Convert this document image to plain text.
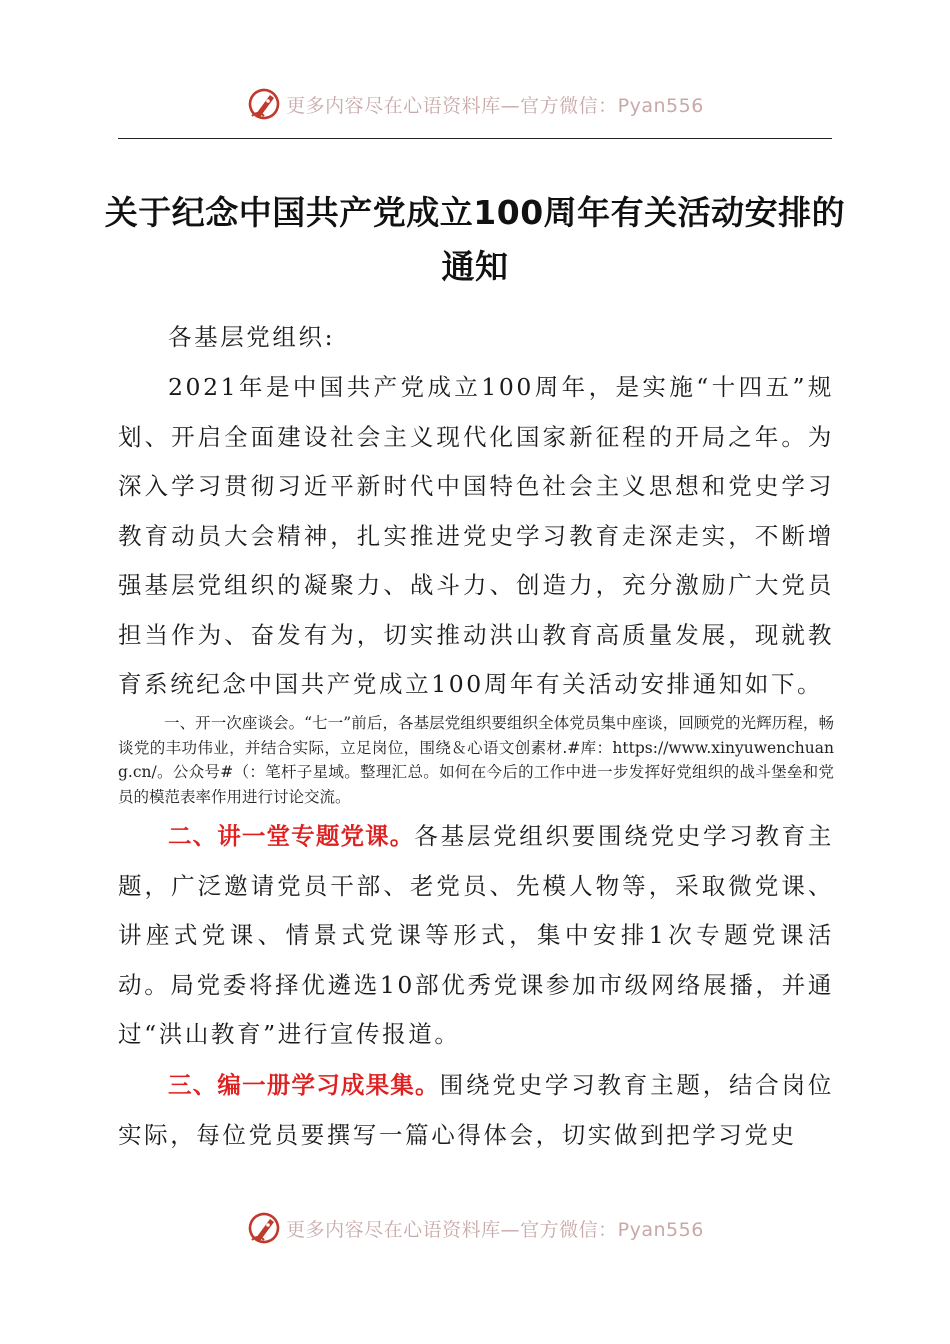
更多内容尽在心语资料库—官方微信：Pyan556
关于纪念中国共产党成立100周年有关活动安排的通知

各基层党组织:

2021年是中国共产党成立100周年，是实施“十四五”规划、开启全面建设社会主义现代化国家新征程的开局之年。为深入学习贯彻习近平新时代中国特色社会主义思想和党史学习教育动员大会精神，扎实推进党史学习教育走深走实，不断增强基层党组织的凝聚力、战斗力、创造力，充分激励广大党员担当作为、奋发有为，切实推动洪山教育高质量发展，现就教育系统纪念中国共产党成立100周年有关活动安排通知如下。

一、开一次座谈会。“七一”前后，各基层党组织要组织全体党员集中座谈，回顾党的光辉历程，畅谈党的丰功伟业，并结合实际，立足岗位，围绕＆心语文创素材.#库：https://www.xinyuwenchuang.cn/。公众号#（：笔杆子星域。整理汇总。如何在今后的工作中进一步发挥好党组织的战斗堡垒和党员的模范表率作用进行讨论交流。

二、讲一堂专题党课。各基层党组织要围绕党史学习教育主题，广泛邀请党员干部、老党员、先模人物等，采取微党课、讲座式党课、情景式党课等形式，集中安排1次专题党课活动。局党委将择优遴选10部优秀党课参加市级网络展播，并通过“洪山教育”进行宣传报道。

三、编一册学习成果集。围绕党史学习教育主题，结合岗位实际，每位党员要撰写一篇心得体会，切实做到把学习党史

更多内容尽在心语资料库—官方微信：Pyan556
